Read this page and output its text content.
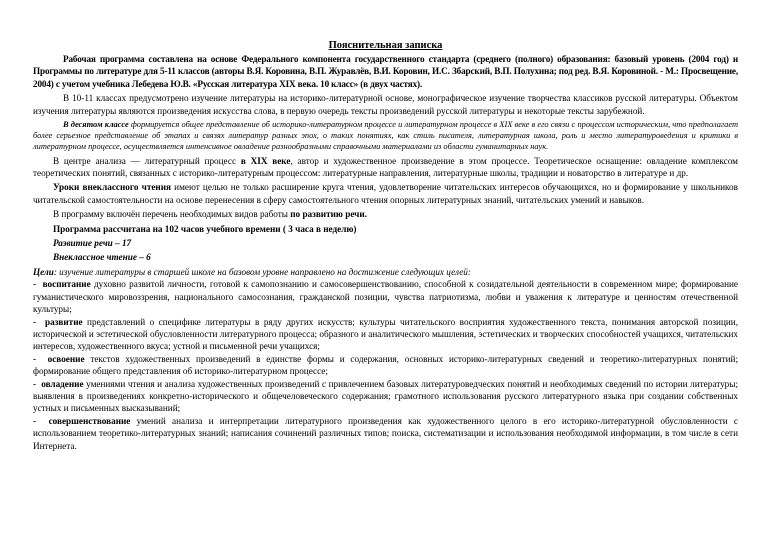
Пояснительная записка

Рабочая программа составлена на основе Федерального компонента государственного стандарта (среднего (полного) образования: базовый уровень (2004 год) и Программы по литературе для 5-11 классов (авторы В.Я. Коровина, В.П. Журавлёв, В.И. Коровин, И.С. Збарский, В.П. Полухина; под ред. В.Я. Коровиной. - М.: Просвещение, 2004) с учетом учебника Лебедева Ю.В. «Русская литература XIX века. 10 класс» (в двух частях).

В 10-11 классах предусмотрено изучение литературы на историко-литературной основе, монографическое изучение творчества классиков русской литературы. Объектом изучения литературы являются произведения искусства слова, в первую очередь тексты произведений русской литературы и некоторые тексты зарубежной.

В десятом классе формируется общее представление об историко-литературном процессе и литературном процессе в XIX веке в его связи с процессом историческим, что предполагает более серьезное представление об этапах и связях литератур разных эпох, о таких понятиях, как стиль писателя, литературная школа, роль и место литературоведения и критики в литературном процессе, осуществляется интенсивное овладение разнообразными справочными материалами из области гуманитарных наук.

В центре анализа — литературный процесс в XIX веке, автор и художественное произведение в этом процессе. Теоретическое оснащение: овладение комплексом теоретических понятий, связанных с историко-литературным процессом: литературные направления, литературные школы, традиции и новаторство в литературе и др.

Уроки внеклассного чтения имеют целью не только расширение круга чтения, удовлетворение читательских интересов обучающихся, но и формирование у школьников читательской самостоятельности на основе перенесения в сферу самостоятельного чтения опорных литературных знаний, читательских умений и навыков.

В программу включён перечень необходимых видов работы по развитию речи.

Программа рассчитана на 102 часов учебного времени ( 3 часа в неделю)

Развитие речи – 17

Внеклассное чтение – 6

Цели: изучение литературы в старшей школе на базовом уровне направлено на достижение следующих целей:

-  воспитание духовно развитой личности, готовой к самопознанию и самосовершенствованию, способной к созидательной деятельности в современном мире; формирование гуманистического мировоззрения, национального самосознания, гражданской позиции, чувства патриотизма, любви и уважения к литературе и ценностям отечественной культуры;

-  развитие представлений о специфике литературы в ряду других искусств; культуры читательского восприятия художественного текста, понимания авторской позиции, исторической и эстетической обусловленности литературного процесса; образного и аналитического мышления, эстетических и творческих способностей учащихся, читательских интересов, художественного вкуса; устной и письменной речи учащихся;

-  освоение текстов художественных произведений в единстве формы и содержания, основных историко-литературных сведений и теоретико-литературных понятий; формирование общего представления об историко-литературном процессе;

-  овладение умениями чтения и анализа художественных произведений с привлечением базовых литературоведческих понятий и необходимых сведений по истории литературы; выявления в произведениях конкретно-исторического и общечеловеческого содержания; грамотного использования русского литературного языка при создании собственных устных и письменных высказываний;

-  совершенствование умений анализа и интерпретации литературного произведения как художественного целого в его историко-литературной обусловленности с использованием теоретико-литературных знаний; написания сочинений различных типов; поиска, систематизации и использования необходимой информации, в том числе в сети Интернета.
